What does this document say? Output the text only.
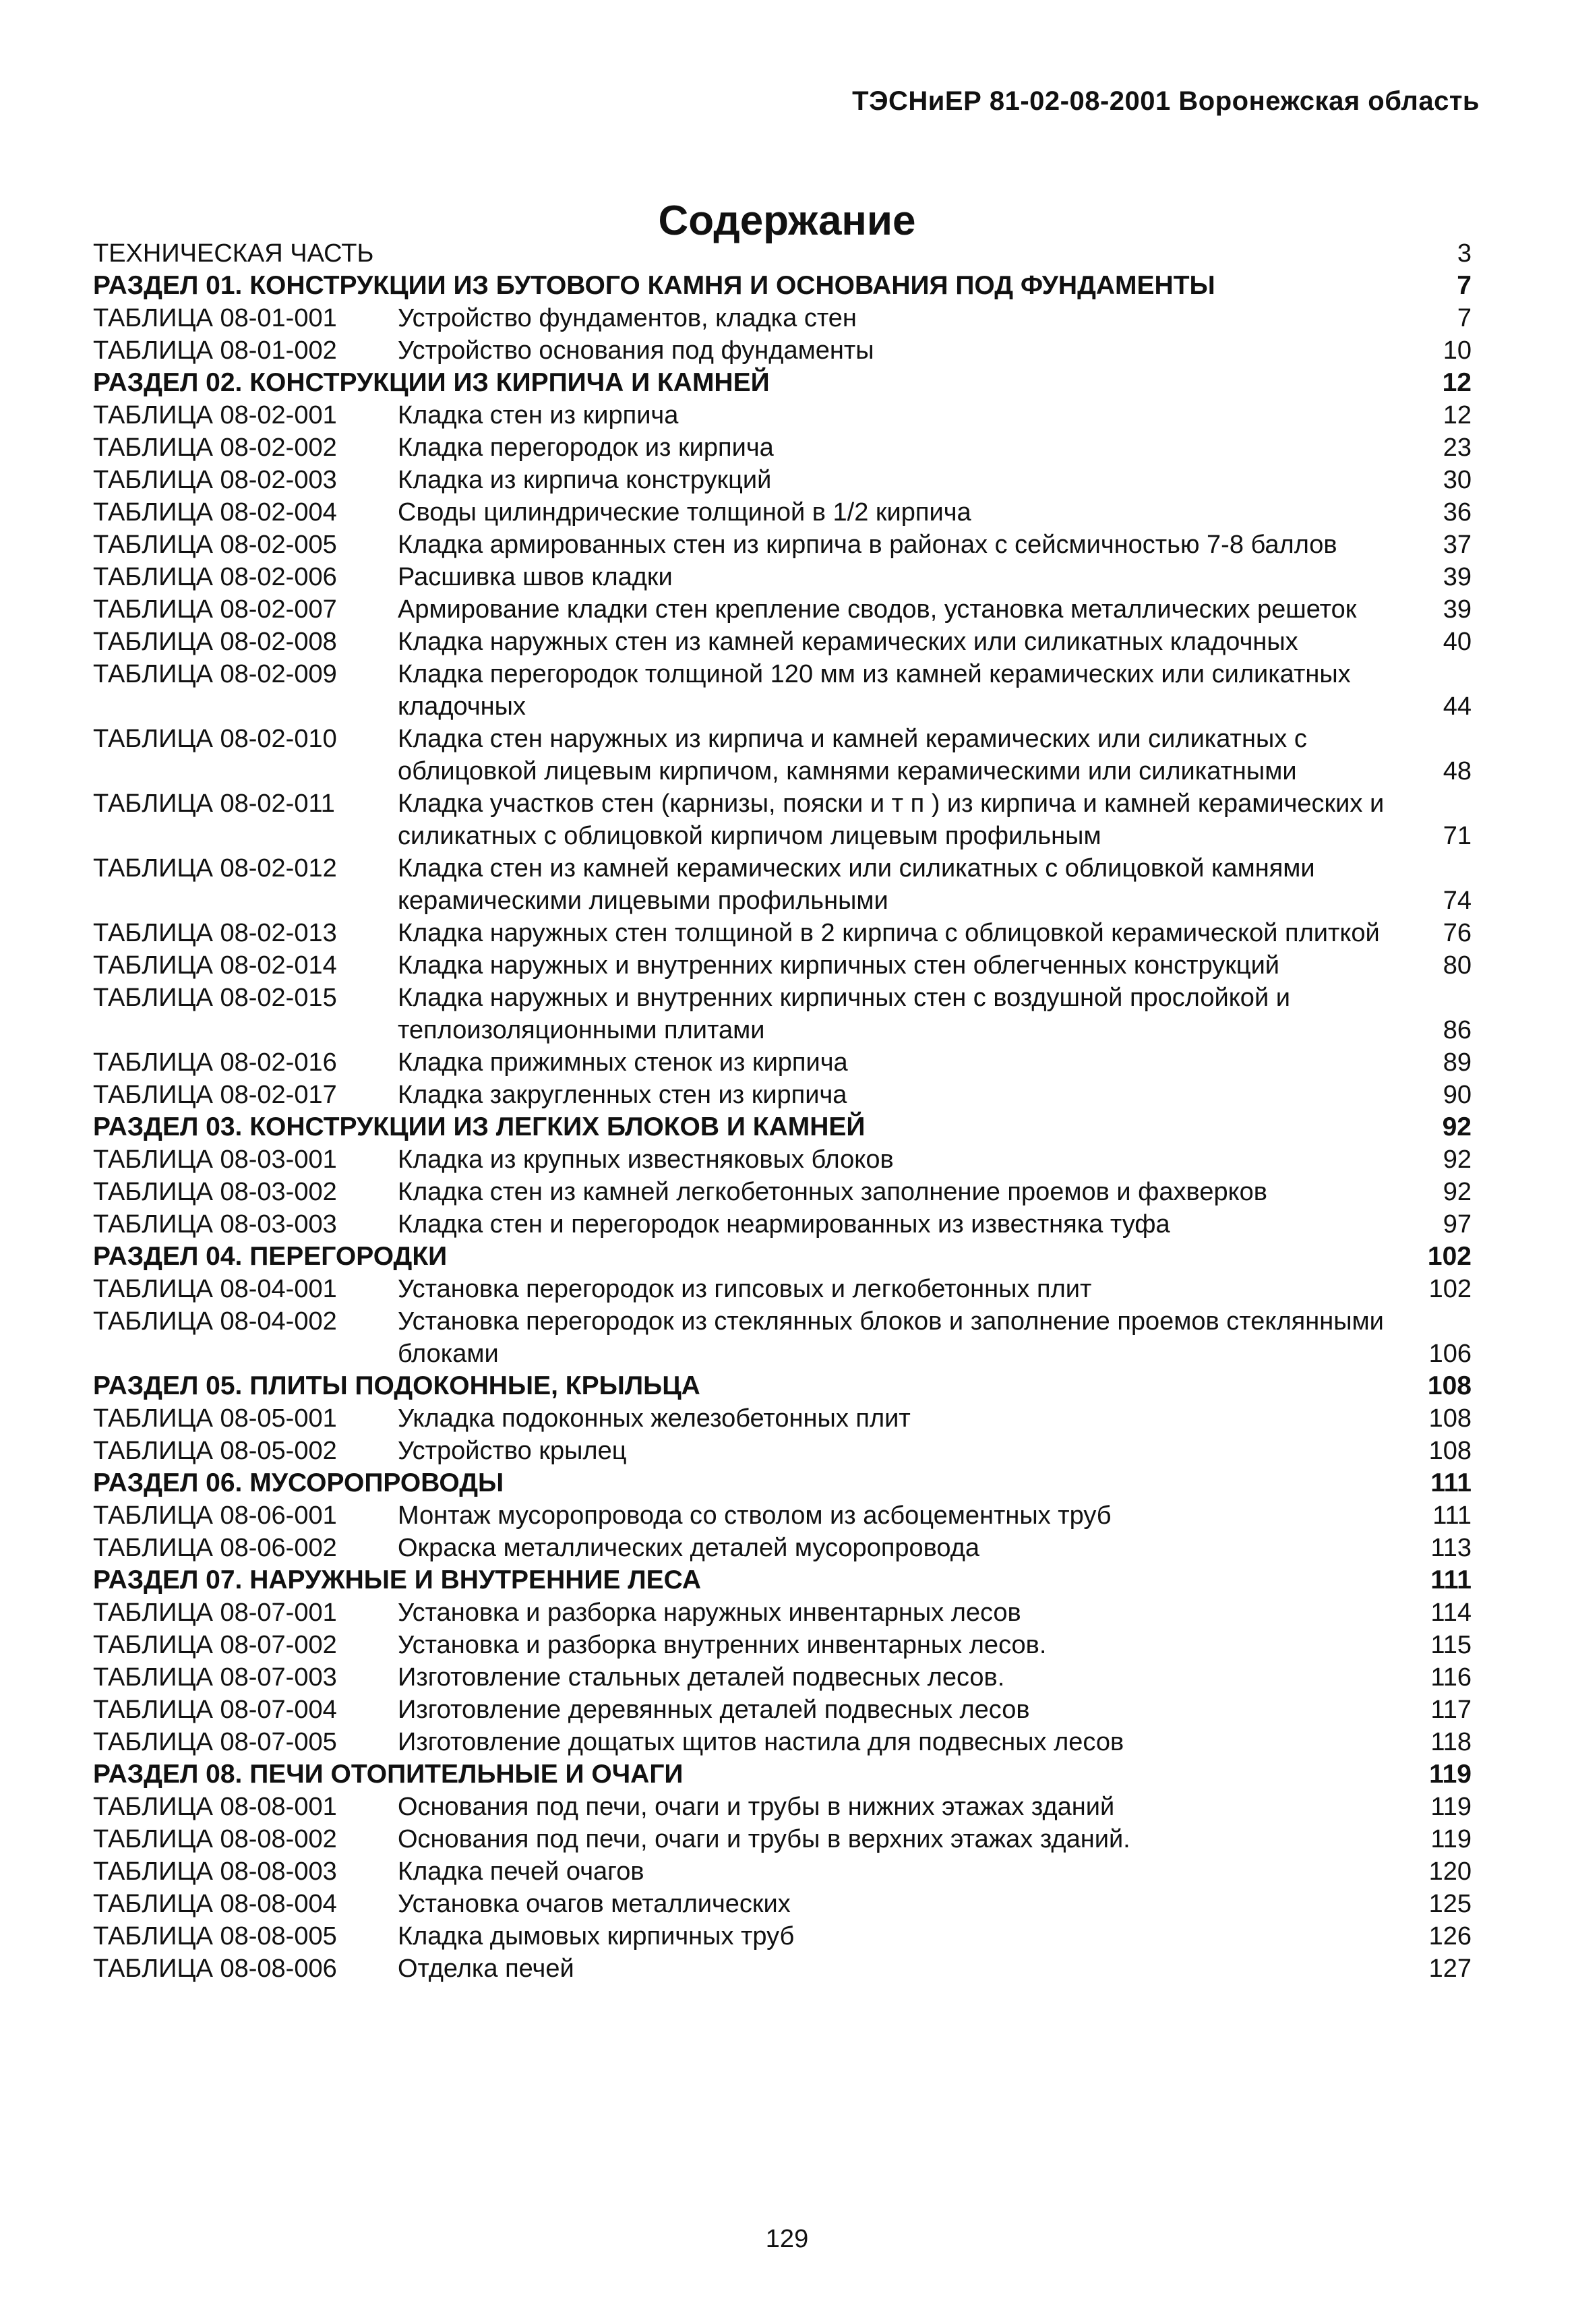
ТЭСНиЕР 81-02-08-2001 Воронежская область
Содержание
ТЕХНИЧЕСКАЯ ЧАСТЬ	3
РАЗДЕЛ 01. КОНСТРУКЦИИ ИЗ БУТОВОГО КАМНЯ И ОСНОВАНИЯ ПОД ФУНДАМЕНТЫ	7
ТАБЛИЦА 08-01-001 Устройство фундаментов, кладка стен	7
ТАБЛИЦА 08-01-002 Устройство основания под фундаменты	10
РАЗДЕЛ 02. КОНСТРУКЦИИ ИЗ КИРПИЧА И КАМНЕЙ	12
ТАБЛИЦА 08-02-001 Кладка стен из кирпича	12
ТАБЛИЦА 08-02-002 Кладка перегородок из кирпича	23
ТАБЛИЦА 08-02-003 Кладка из кирпича конструкций	30
ТАБЛИЦА 08-02-004 Своды цилиндрические толщиной в 1/2 кирпича	36
ТАБЛИЦА 08-02-005 Кладка армированных стен из кирпича в районах с сейсмичностью 7-8 баллов	37
ТАБЛИЦА 08-02-006 Расшивка швов кладки	39
ТАБЛИЦА 08-02-007 Армирование кладки стен крепление сводов, установка металлических решеток	39
ТАБЛИЦА 08-02-008 Кладка наружных стен из камней керамических или силикатных кладочных	40
ТАБЛИЦА 08-02-009 Кладка перегородок толщиной 120 мм из камней керамических или силикатных кладочных	44
ТАБЛИЦА 08-02-010 Кладка стен наружных из кирпича и камней керамических или силикатных с облицовкой лицевым кирпичом, камнями керамическими или силикатными	48
ТАБЛИЦА 08-02-011 Кладка участков стен (карнизы, пояски и т п ) из кирпича и камней керамических и силикатных с облицовкой кирпичом лицевым профильным	71
ТАБЛИЦА 08-02-012 Кладка стен из камней керамических или силикатных с облицовкой камнями керамическими лицевыми профильными	74
ТАБЛИЦА 08-02-013 Кладка наружных стен толщиной в 2 кирпича с облицовкой керамической плиткой	76
ТАБЛИЦА 08-02-014 Кладка наружных и внутренних кирпичных стен облегченных конструкций	80
ТАБЛИЦА 08-02-015 Кладка наружных и внутренних кирпичных стен с воздушной прослойкой и теплоизоляционными плитами	86
ТАБЛИЦА 08-02-016 Кладка прижимных стенок из кирпича	89
ТАБЛИЦА 08-02-017 Кладка закругленных стен из кирпича	90
РАЗДЕЛ 03. КОНСТРУКЦИИ ИЗ ЛЕГКИХ БЛОКОВ И КАМНЕЙ	92
ТАБЛИЦА 08-03-001 Кладка из крупных известняковых блоков	92
ТАБЛИЦА 08-03-002 Кладка стен из камней легкобетонных заполнение проемов и фахверков	92
ТАБЛИЦА 08-03-003 Кладка стен и перегородок неармированных из известняка туфа	97
РАЗДЕЛ 04. ПЕРЕГОРОДКИ	102
ТАБЛИЦА 08-04-001 Установка перегородок из гипсовых и легкобетонных плит	102
ТАБЛИЦА 08-04-002 Установка перегородок из стеклянных блоков и заполнение проемов стеклянными блоками	106
РАЗДЕЛ 05. ПЛИТЫ ПОДОКОННЫЕ, КРЫЛЬЦА	108
ТАБЛИЦА 08-05-001 Укладка подоконных железобетонных плит	108
ТАБЛИЦА 08-05-002 Устройство крылец	108
РАЗДЕЛ 06. МУСОРОПРОВОДЫ	111
ТАБЛИЦА 08-06-001 Монтаж мусоропровода со стволом из асбоцементных труб	111
ТАБЛИЦА 08-06-002 Окраска металлических деталей мусоропровода	113
РАЗДЕЛ 07. НАРУЖНЫЕ И ВНУТРЕННИЕ ЛЕСА	111
ТАБЛИЦА 08-07-001 Установка и разборка наружных инвентарных лесов	114
ТАБЛИЦА 08-07-002 Установка и разборка внутренних инвентарных лесов.	115
ТАБЛИЦА 08-07-003 Изготовление стальных деталей подвесных лесов.	116
ТАБЛИЦА 08-07-004 Изготовление деревянных деталей подвесных лесов	117
ТАБЛИЦА 08-07-005 Изготовление дощатых щитов настила для подвесных лесов	118
РАЗДЕЛ 08. ПЕЧИ ОТОПИТЕЛЬНЫЕ И ОЧАГИ	119
ТАБЛИЦА 08-08-001 Основания под печи, очаги и трубы в нижних этажах зданий	119
ТАБЛИЦА 08-08-002 Основания под печи, очаги и трубы в верхних этажах зданий.	119
ТАБЛИЦА 08-08-003 Кладка печей очагов	120
ТАБЛИЦА 08-08-004 Установка очагов металлических	125
ТАБЛИЦА 08-08-005 Кладка дымовых кирпичных труб	126
ТАБЛИЦА 08-08-006 Отделка печей	127
129
